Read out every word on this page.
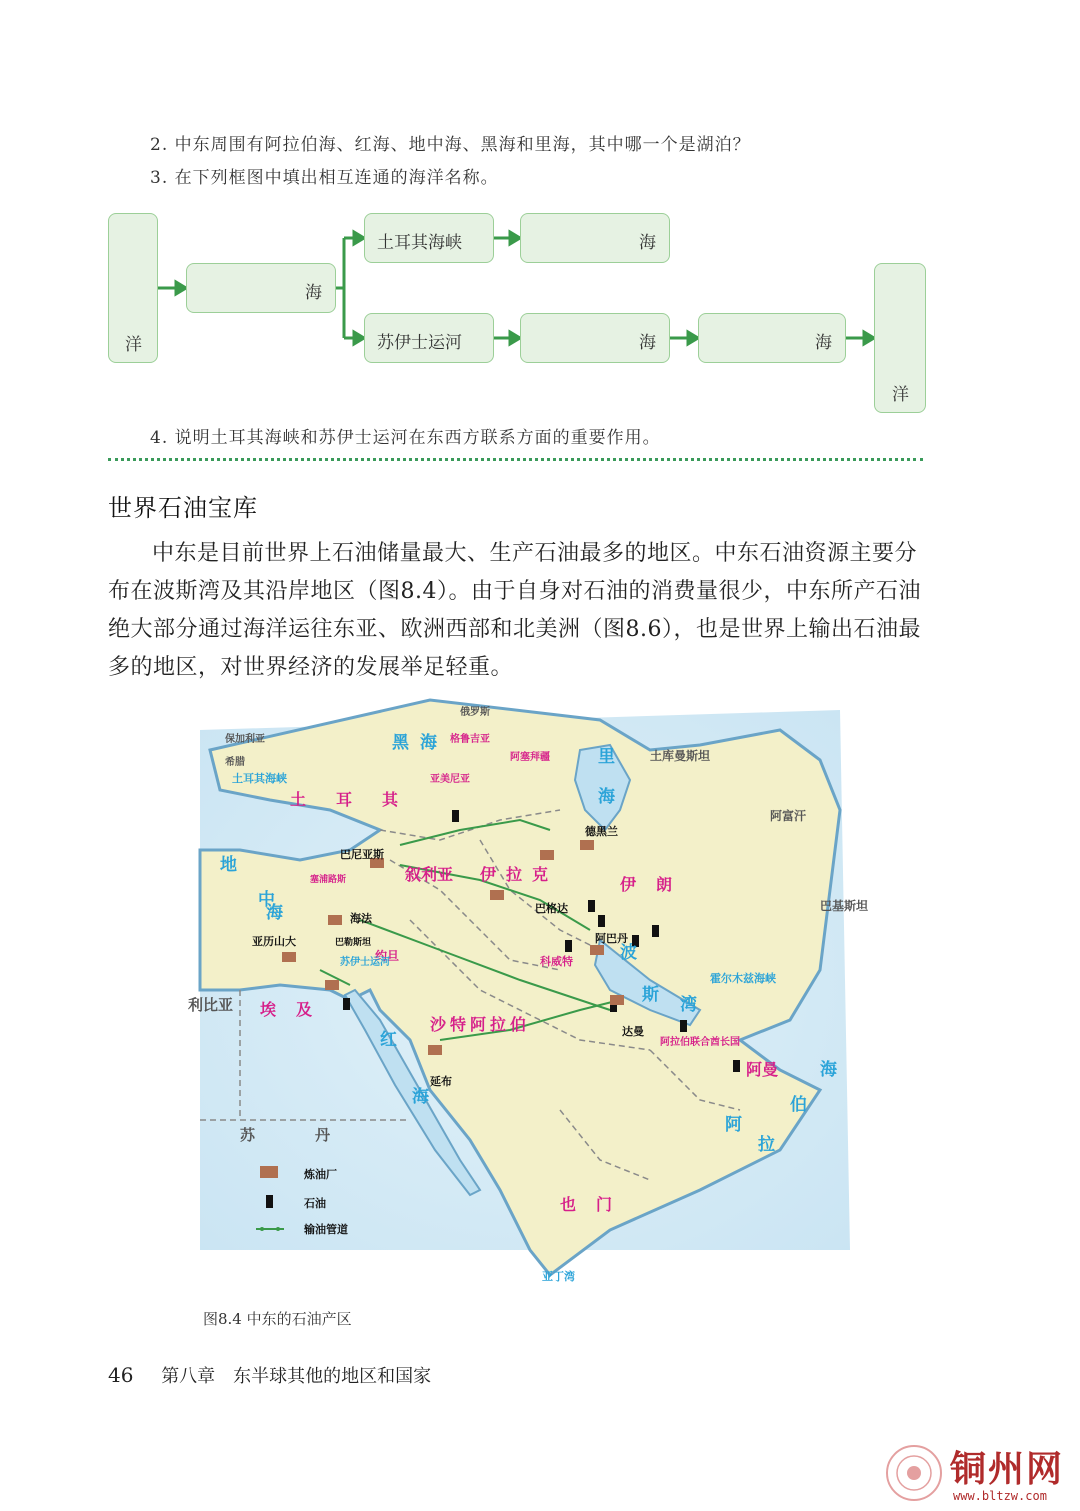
2. 中东周围有阿拉伯海、红海、地中海、黑海和里海，其中哪一个是湖泊？
3. 在下列框图中填出相互连通的海洋名称。
洋
海
土耳其海峡	海
苏伊士运河	海	海
洋
4. 说明土耳其海峡和苏伊士运河在东西方联系方面的重要作用。
世界石油宝库
中东是目前世界上石油储量最大、生产石油最多的地区。中东石油资源主要分布在波斯湾及其沿岸地区（图8.4）。由于自身对石油的消费量很少，中东所产石油绝大部分通过海洋运往东亚、欧洲西部和北美洲（图8.6），也是世界上输出石油最多的地区，对世界经济的发展举足轻重。
黑 海
里
海
地
中
海
红
海
波
斯 湾
阿
拉
伯
海
土耳其
伊朗
伊拉克
叙利亚
沙特阿拉伯
埃及
阿曼
也门
科威特
阿拉伯联合酋长国
约旦
格鲁吉亚
亚美尼亚
阿塞拜疆
塞浦路斯
利比亚
苏丹
土库曼斯坦
阿富汗
巴基斯坦
俄罗斯
保加利亚
希腊
德黑兰
巴格达
阿巴丹
巴尼亚斯
海法
亚历山大	巴勒斯坦
延布
达曼
土耳其海峡
苏伊士运河
霍尔木兹海峡
亚丁湾
炼油厂
石油
输油管道
图8.4 中东的石油产区
46 第八章　东半球其他的地区和国家
铜州网
www.bltzw.com
